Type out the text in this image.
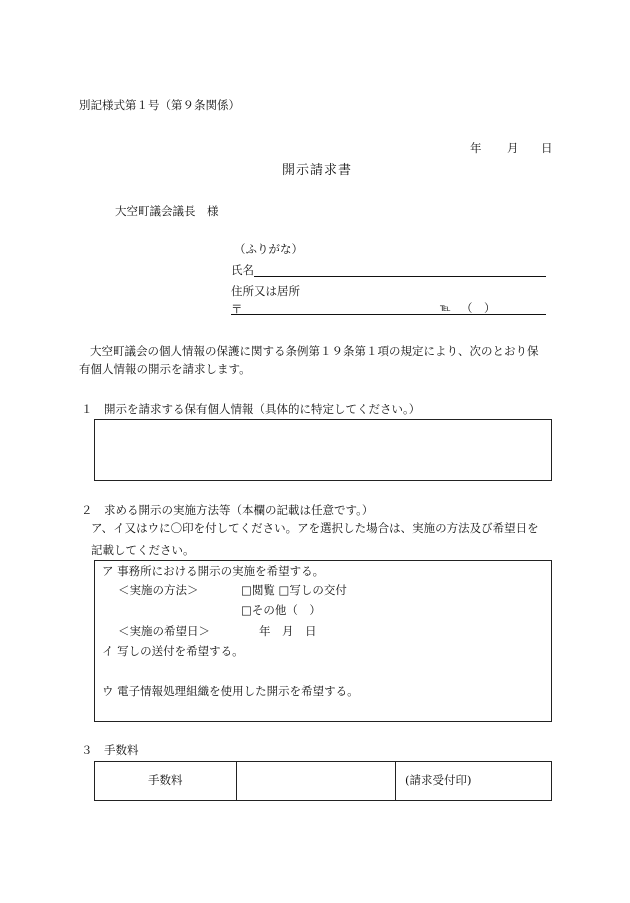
別記様式第１号（第９条関係）
年 月 日
開示請求書
大空町議会議長　様
（ふりがな）
氏名
住所又は居所
〒	℡ （　）
大空町議会の個人情報の保護に関する条例第１９条第１項の規定により、次のとおり保
有個人情報の開示を請求します。
１　開示を請求する保有個人情報（具体的に特定してください。）
２　求める開示の実施方法等（本欄の記載は任意です。）
ア、イ又はウに〇印を付してください。アを選択した場合は、実施の方法及び希望日を
記載してください。
ア 事務所における開示の実施を希望する。
＜実施の方法＞	□閲覧 □写しの交付
□その他（　）
＜実施の希望日＞	年　月　日
イ 写しの送付を希望する。
ウ 電子情報処理組織を使用した開示を希望する。
３　手数料
手数料	(請求受付印)
